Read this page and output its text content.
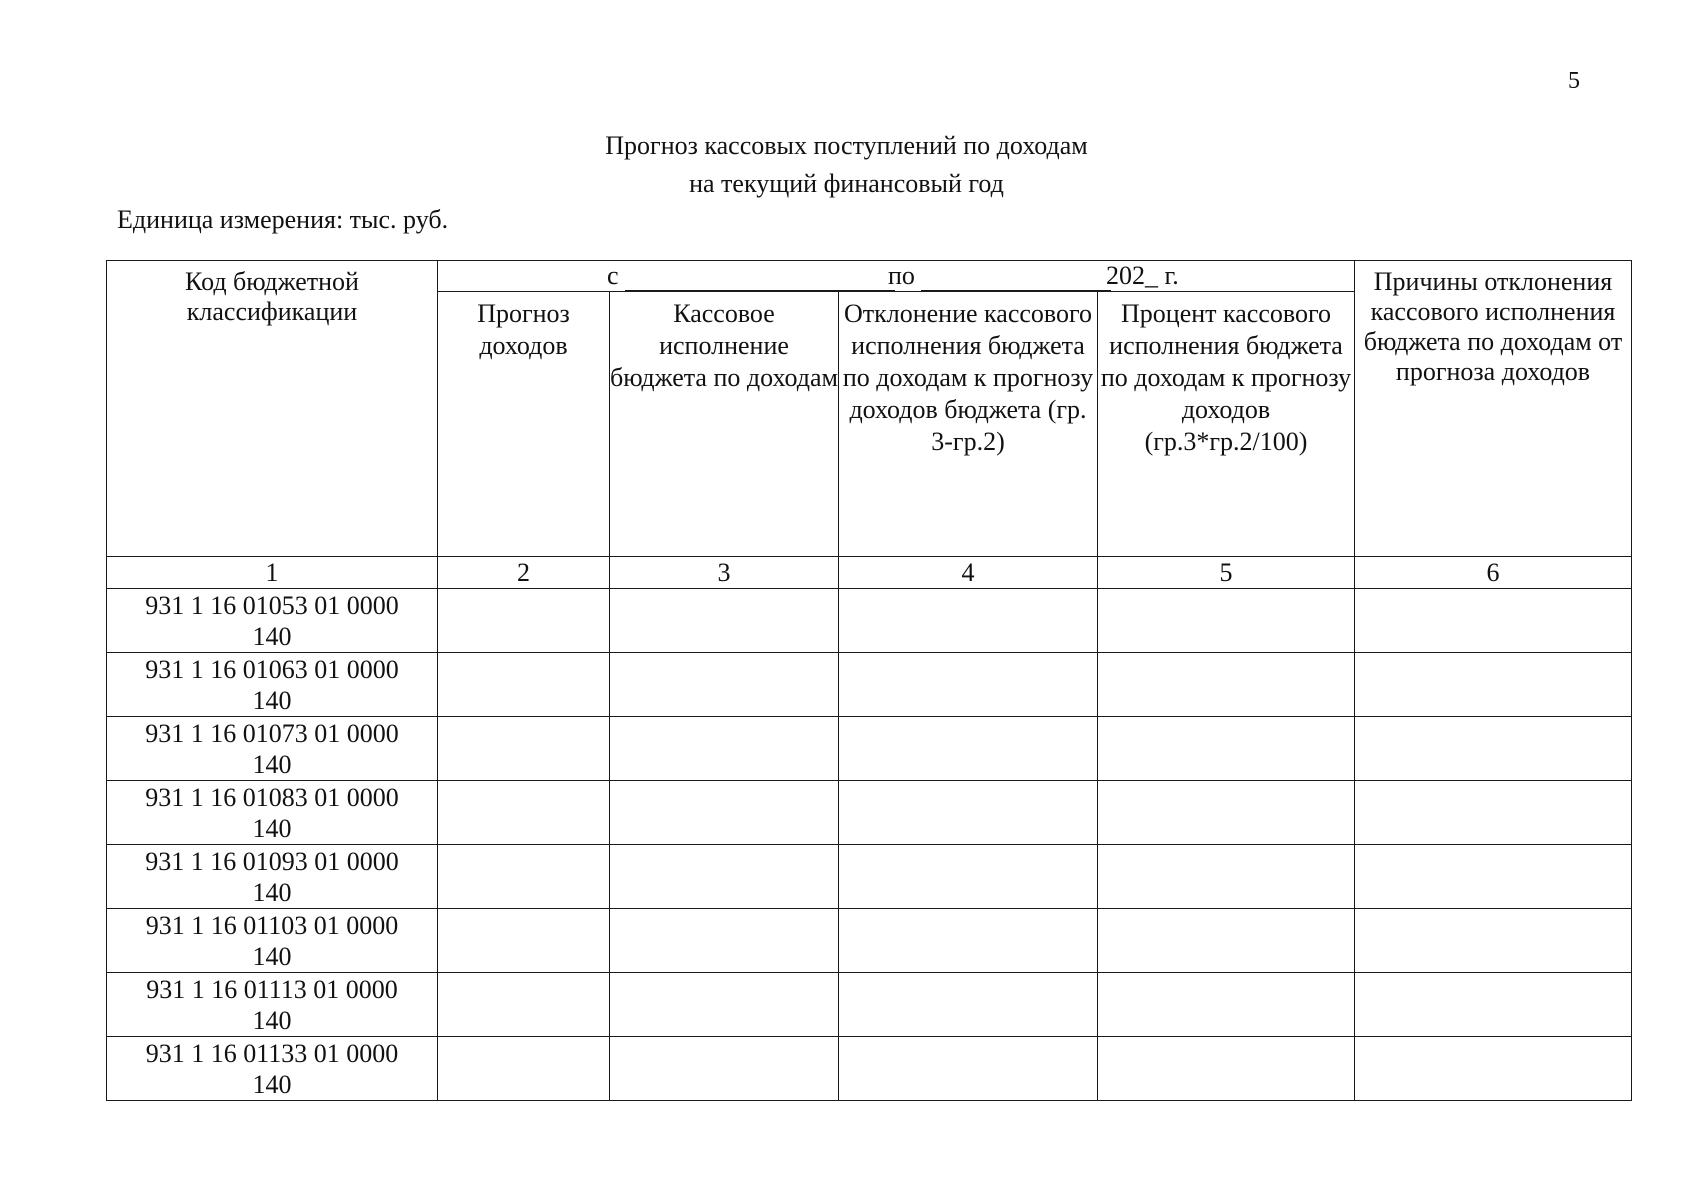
5
Прогноз кассовых поступлений по доходам
на текущий финансовый год
Единица измерения: тыс. руб.
Код бюджетной классификации	с по 202_ г.				Причины отклонения кассового исполнения бюджета по доходам от прогноза доходов
	Прогноз доходов	Кассовое исполнение бюджета по доходам	Отклонение кассового исполнения бюджета по доходам к прогнозу доходов бюджета (гр. 3-гр.2)	Процент кассового исполнения бюджета по доходам к прогнозу доходов (гр.3*гр.2/100)	
1	2	3	4	5	6

931 1 16 01053 01 0000
140					

931 1 16 01063 01 0000
140					

931 1 16 01073 01 0000
140					

931 1 16 01083 01 0000
140					

931 1 16 01093 01 0000
140					

931 1 16 01103 01 0000
140					

931 1 16 01113 01 0000
140					

931 1 16 01133 01 0000
140					
